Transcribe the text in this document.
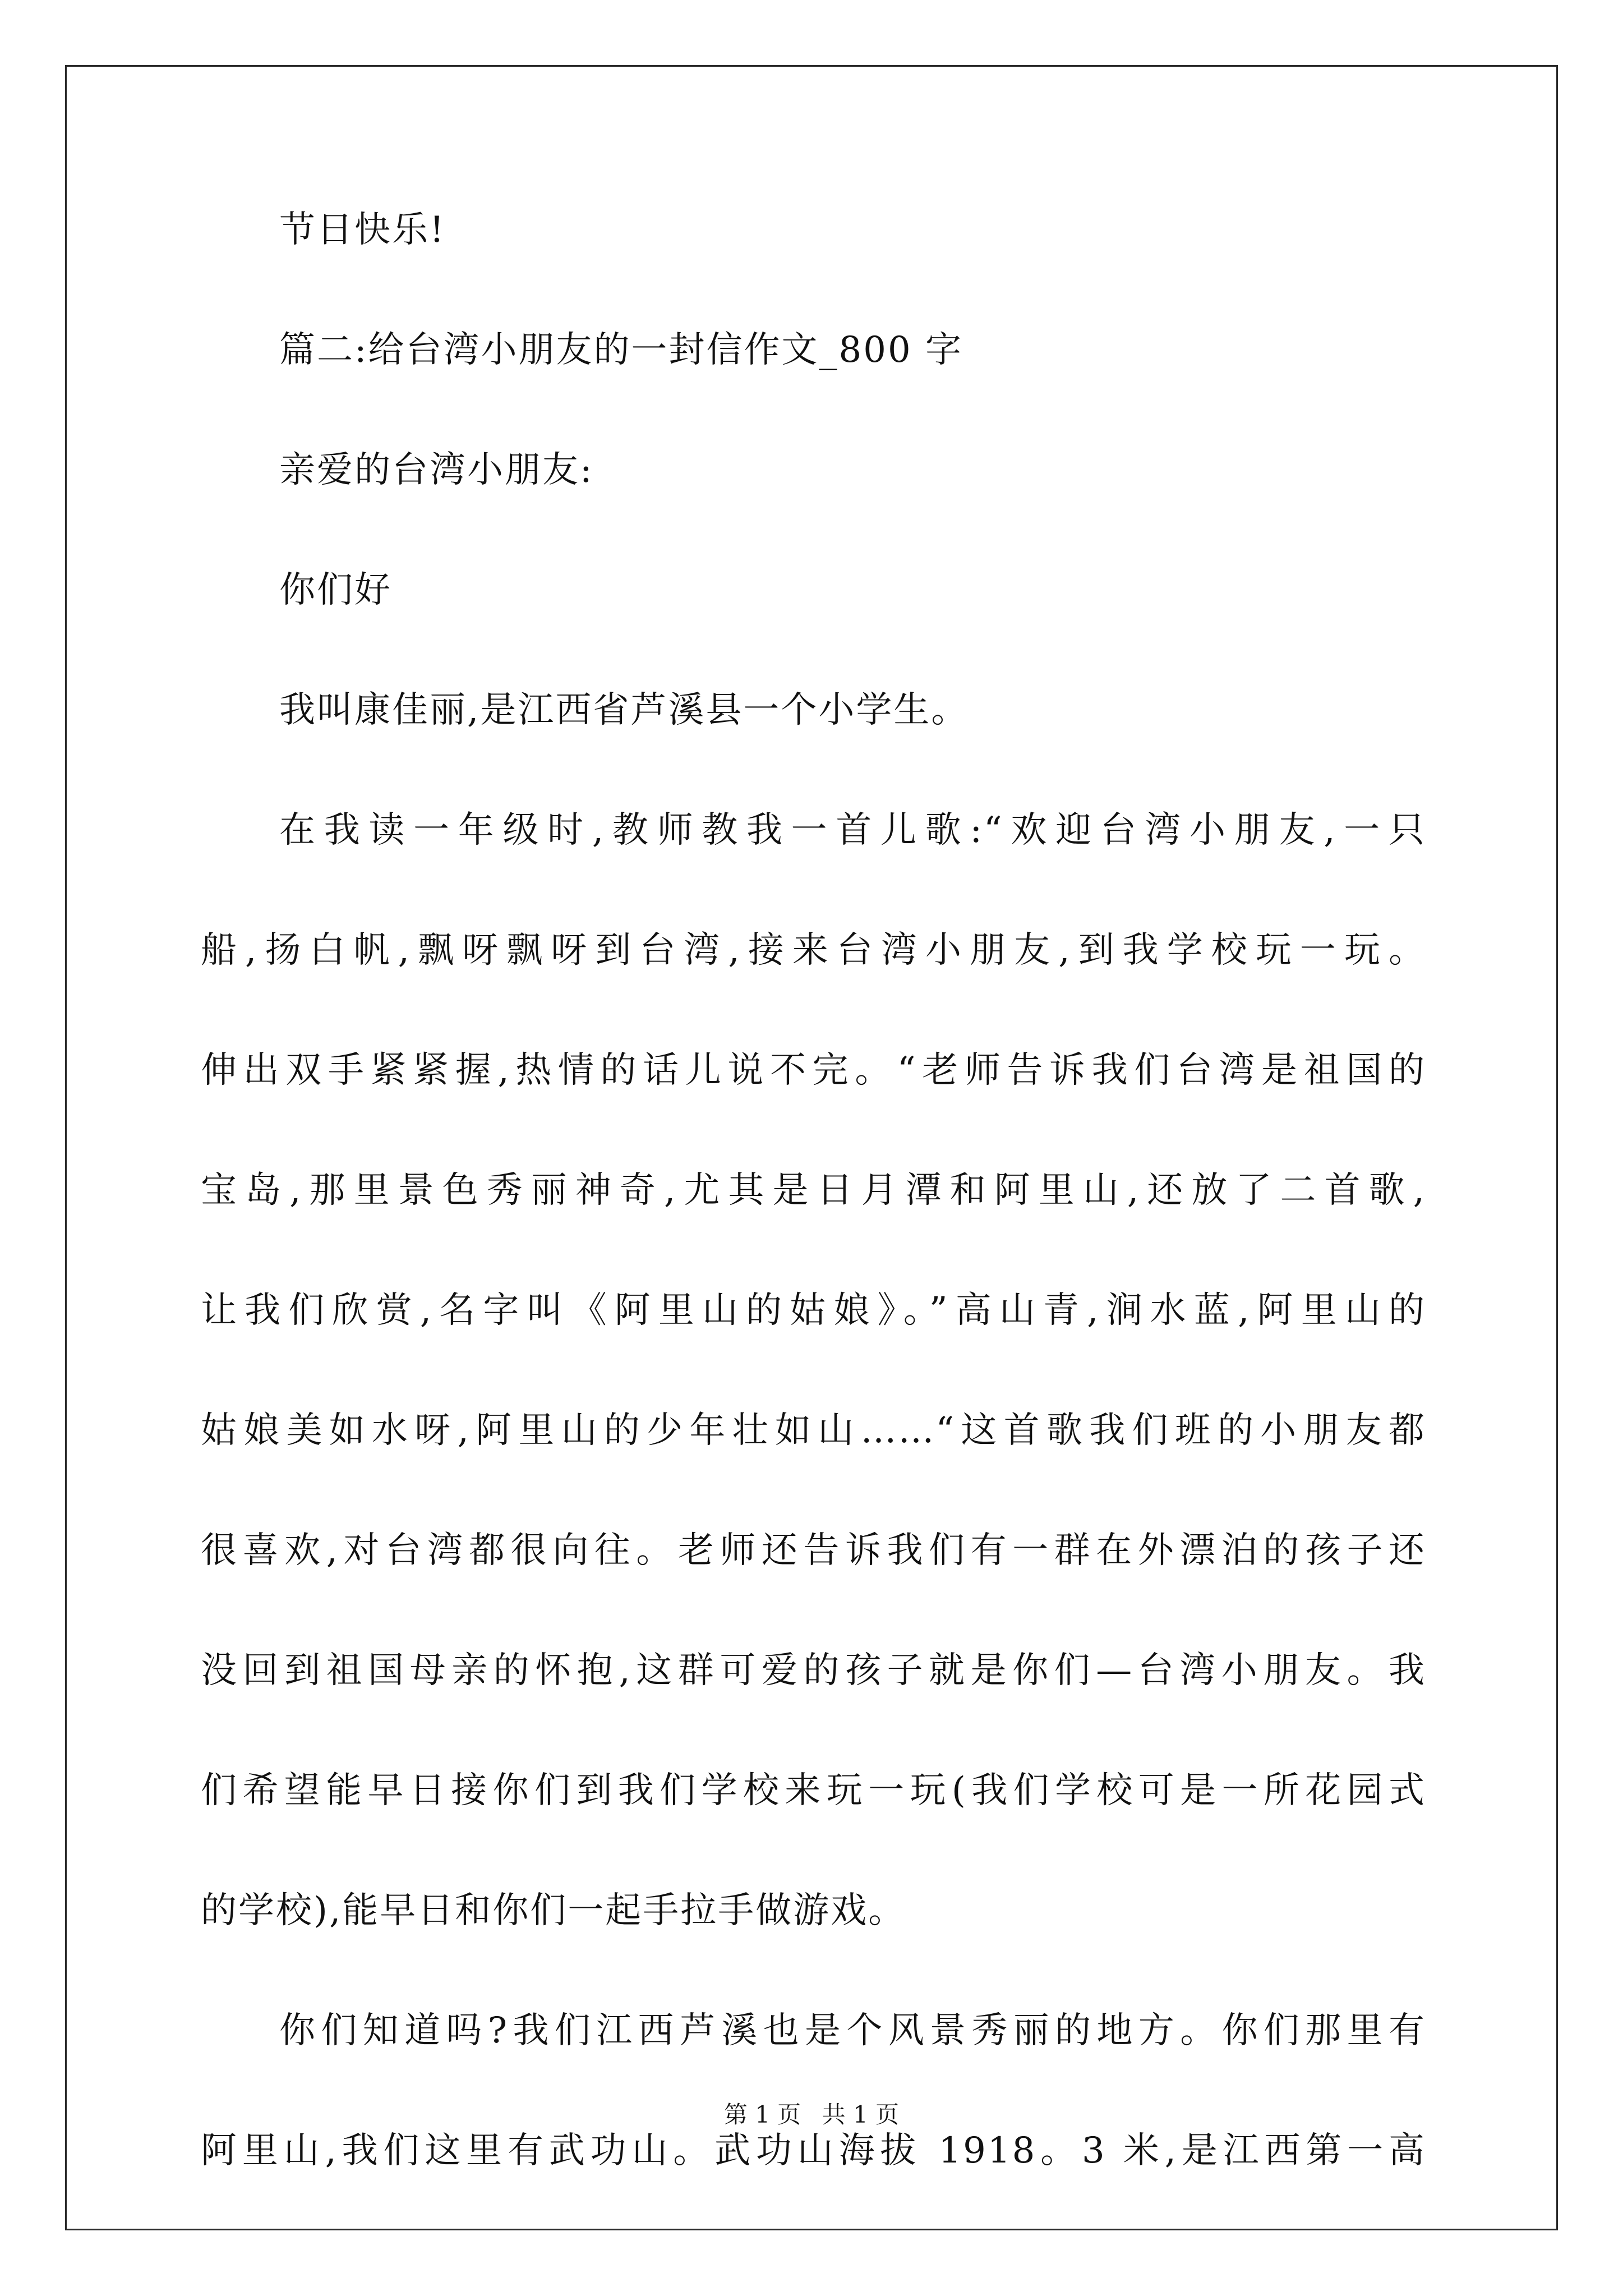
节日快乐!

篇二:给台湾小朋友的一封信作文_800 字

亲爱的台湾小朋友:

你们好

我叫康佳丽,是江西省芦溪县一个小学生。

在我读一年级时,教师教我一首儿歌:“欢迎台湾小朋友,一只

船,扬白帆,飘呀飘呀到台湾,接来台湾小朋友,到我学校玩一玩。

伸出双手紧紧握,热情的话儿说不完。“老师告诉我们台湾是祖国的

宝岛,那里景色秀丽神奇,尤其是日月潭和阿里山,还放了二首歌,

让我们欣赏,名字叫《阿里山的姑娘》。”高山青,涧水蓝,阿里山的

姑娘美如水呀,阿里山的少年壮如山……“这首歌我们班的小朋友都

很喜欢,对台湾都很向往。老师还告诉我们有一群在外漂泊的孩子还

没回到祖国母亲的怀抱,这群可爱的孩子就是你们—台湾小朋友。我

们希望能早日接你们到我们学校来玩一玩(我们学校可是一所花园式

的学校),能早日和你们一起手拉手做游戏。

你们知道吗?我们江西芦溪也是个风景秀丽的地方。你们那里有

阿里山,我们这里有武功山。武功山海拔 1918。3 米,是江西第一高

第 1 页 共 1 页
